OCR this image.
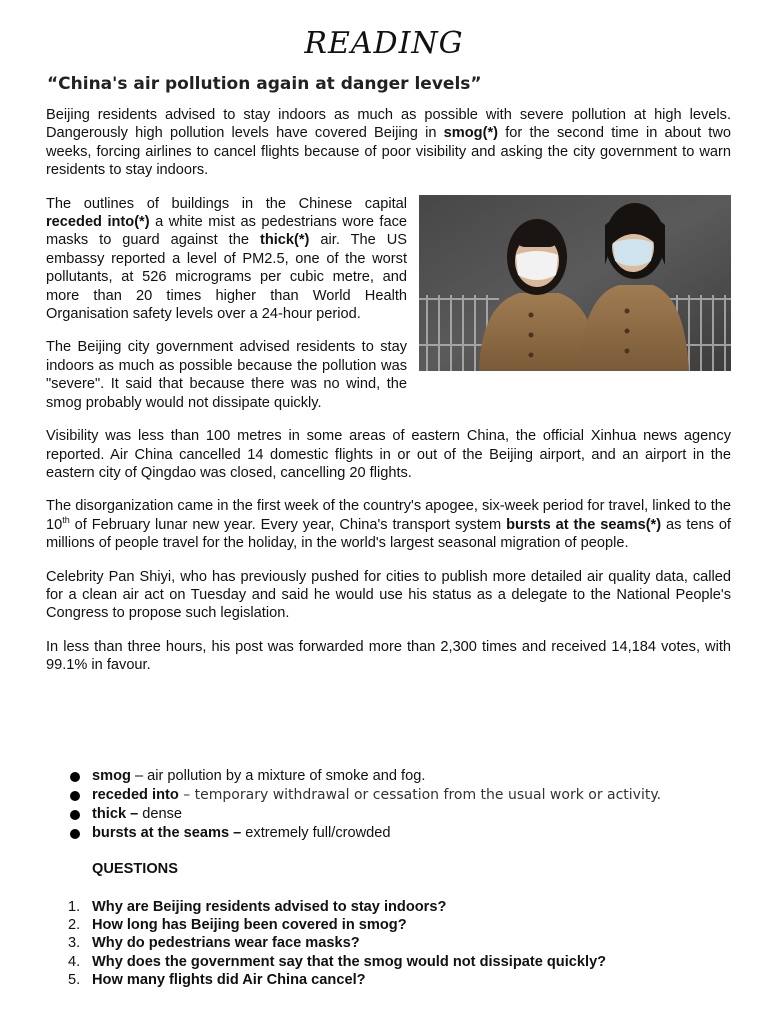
READING
“China's air pollution again at danger levels”

Beijing residents advised to stay indoors as much as possible with severe pollution at high levels. Dangerously high pollution levels have covered Beijing in smog(*) for the second time in about two weeks, forcing airlines to cancel flights because of poor visibility and asking the city government to warn residents to stay indoors.

The outlines of buildings in the Chinese capital receded into(*) a white mist as pedestrians wore face masks to guard against the thick(*) air. The US embassy reported a level of PM2.5, one of the worst pollutants, at 526 micrograms per cubic metre, and more than 20 times higher than World Health Organisation safety levels over a 24-hour period.

The Beijing city government advised residents to stay indoors as much as possible because the pollution was "severe". It said that because there was no wind, the smog probably would not dissipate quickly.

Visibility was less than 100 metres in some areas of eastern China, the official Xinhua news agency reported. Air China cancelled 14 domestic flights in or out of the Beijing airport, and an airport in the eastern city of Qingdao was closed, cancelling 20 flights.

The disorganization came in the first week of the country's apogee, six-week period for travel, linked to the 10th of February lunar new year. Every year, China's transport system bursts at the seams(*) as tens of millions of people travel for the holiday, in the world's largest seasonal migration of people.

Celebrity Pan Shiyi, who has previously pushed for cities to publish more detailed air quality data, called for a clean air act on Tuesday and said he would use his status as a delegate to the National People's Congress to propose such legislation.

In less than three hours, his post was forwarded more than 2,300 times and received 14,184 votes, with 99.1% in favour.

smog – air pollution by a mixture of smoke and fog.
receded into – temporary withdrawal or cessation from the usual work or activity.
thick – dense
bursts at the seams – extremely full/crowded
QUESTIONS
1. Why are Beijing residents advised to stay indoors?
2. How long has Beijing been covered in smog?
3. Why do pedestrians wear face masks?
4. Why does the government say that the smog would not dissipate quickly?
5. How many flights did Air China cancel?
